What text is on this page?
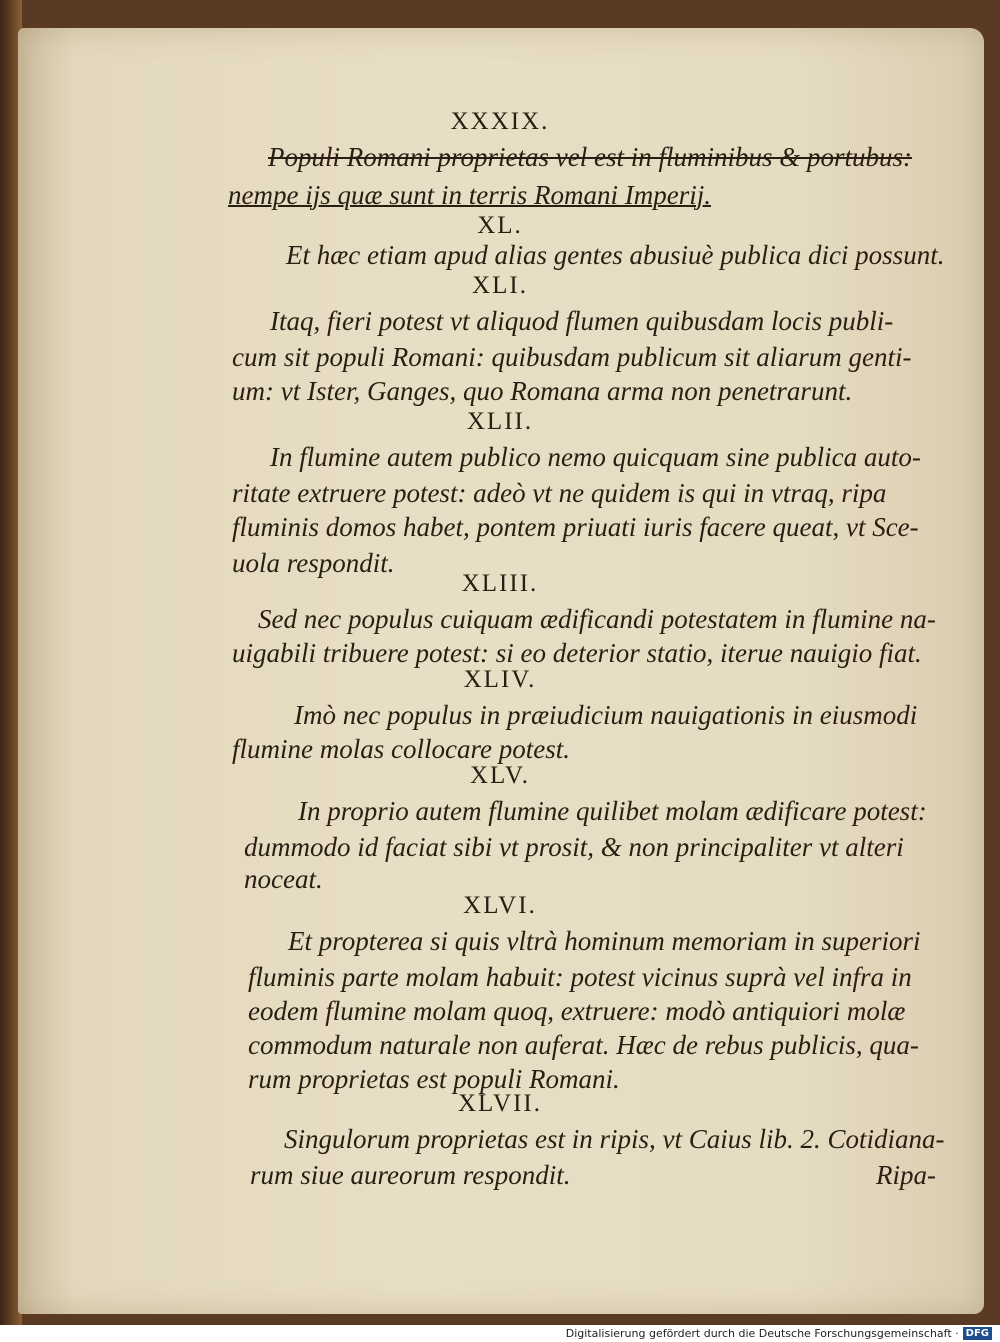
XXXIX.
Populi Romani proprietas vel est in fluminibus & portubus:
nempe ijs quæ sunt in terris Romani Imperij.
XL.
Et hæc etiam apud alias gentes abusiuè publica dici possunt.
XLI.
Itaq, fieri potest vt aliquod flumen quibusdam locis publi-
cum sit populi Romani: quibusdam publicum sit aliarum genti-
um: vt Ister, Ganges, quo Romana arma non penetrarunt.
XLII.
In flumine autem publico nemo quicquam sine publica auto-
ritate extruere potest: adeò vt ne quidem is qui in vtraq, ripa
fluminis domos habet, pontem priuati iuris facere queat, vt Sce-
uola respondit.
XLIII.
Sed nec populus cuiquam ædificandi potestatem in flumine na-
uigabili tribuere potest: si eo deterior statio, iterue nauigio fiat.
XLIV.
Imò nec populus in præiudicium nauigationis in eiusmodi
flumine molas collocare potest.
XLV.
In proprio autem flumine quilibet molam ædificare potest:
dummodo id faciat sibi vt prosit, & non principaliter vt alteri
noceat.
XLVI.
Et propterea si quis vltrà hominum memoriam in superiori
fluminis parte molam habuit: potest vicinus suprà vel infra in
eodem flumine molam quoq, extruere: modò antiquiori molæ
commodum naturale non auferat. Hæc de rebus publicis, qua-
rum proprietas est populi Romani.
XLVII.
Singulorum proprietas est in ripis, vt Caius lib. 2. Cotidiana-
rum siue aureorum respondit.	Ripa-
Digitalisierung gefördert durch die Deutsche Forschungsgemeinschaft · DFG
